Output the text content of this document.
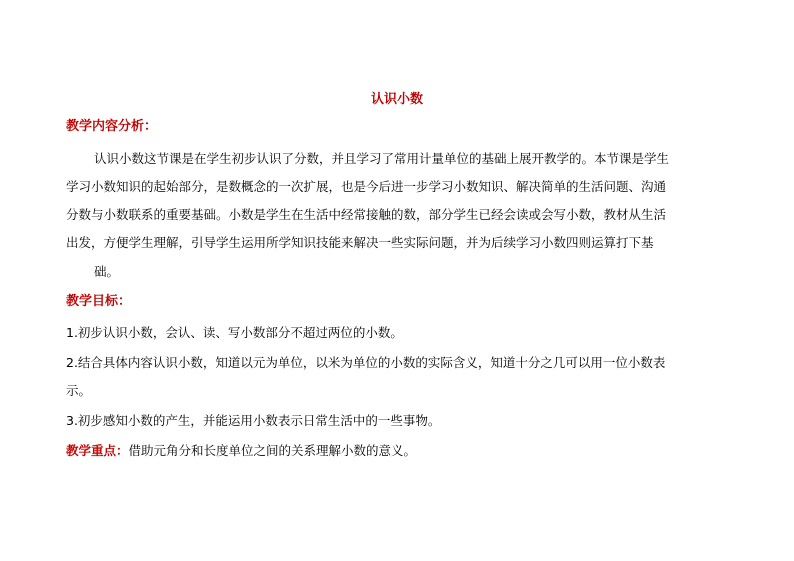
认识小数
教学内容分析：
认识小数这节课是在学生初步认识了分数，并且学习了常用计量单位的基础上展开教学的。本节课是学生
学习小数知识的起始部分，是数概念的一次扩展，也是今后进一步学习小数知识、解决简单的生活问题、沟通
分数与小数联系的重要基础。小数是学生在生活中经常接触的数，部分学生已经会读或会写小数，教材从生活
出发，方便学生理解，引导学生运用所学知识技能来解决一些实际问题，并为后续学习小数四则运算打下基
础。
教学目标：
1.初步认识小数，会认、读、写小数部分不超过两位的小数。
2.结合具体内容认识小数，知道以元为单位，以米为单位的小数的实际含义，知道十分之几可以用一位小数表
示。
3.初步感知小数的产生，并能运用小数表示日常生活中的一些事物。
教学重点：借助元角分和长度单位之间的关系理解小数的意义。
